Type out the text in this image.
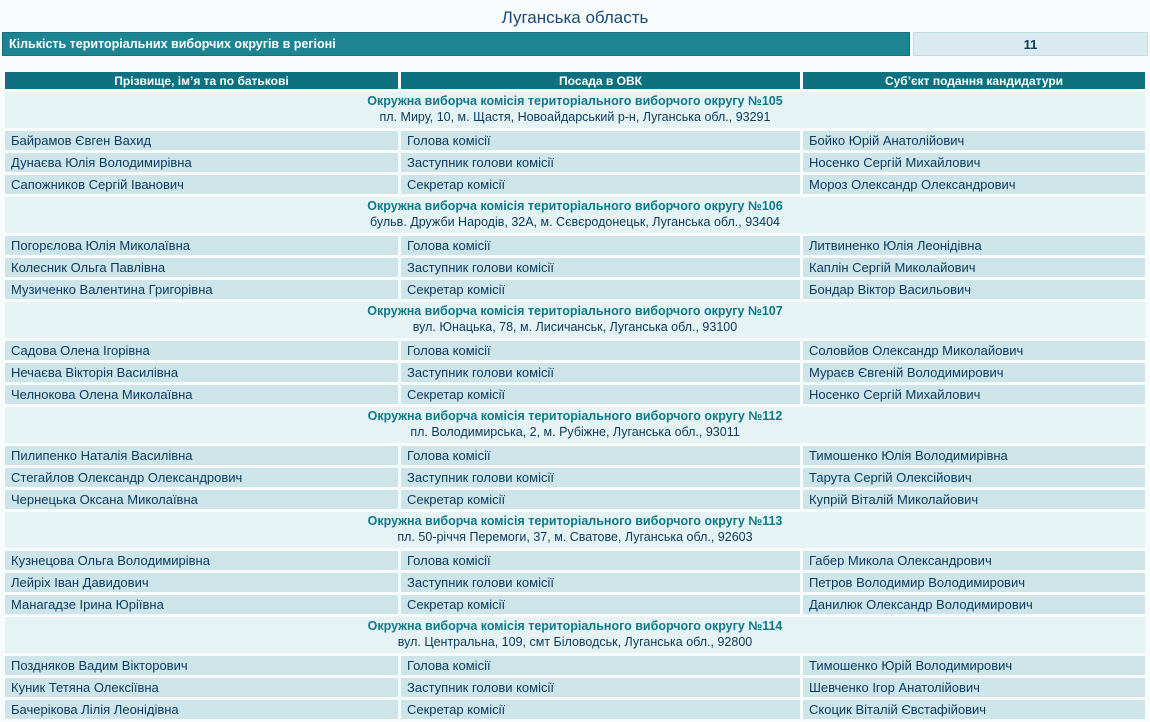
Луганська область
Кількість територіальних виборчих округів в регіоні	11
Прізвище, ім’я та по батькові	Посада в ОВК	Суб’єкт подання кандидатури

Окружна виборча комісія територіального виборчого округу №105
пл. Миру, 10, м. Щастя, Новоайдарський р-н, Луганська обл., 93291		

Байрамов Євген Вахид	Голова комісії	Бойко Юрій Анатолійович
Дунаєва Юлія Володимирівна	Заступник голови комісії	Носенко Сергій Михайлович
Сапожников Сергій Іванович	Секретар комісії	Мороз Олександр Олександрович

Окружна виборча комісія територіального виборчого округу №106
бульв. Дружби Народів, 32А, м. Сєвєродонецьк, Луганська обл., 93404		

Погорєлова Юлія Миколаївна	Голова комісії	Литвиненко Юлія Леонідівна
Колесник Ольга Павлівна	Заступник голови комісії	Каплін Сергій Миколайович
Музиченко Валентина Григорівна	Секретар комісії	Бондар Віктор Васильович

Окружна виборча комісія територіального виборчого округу №107
вул. Юнацька, 78, м. Лисичанськ, Луганська обл., 93100		

Садова Олена Ігорівна	Голова комісії	Соловйов Олександр Миколайович
Нечаєва Вікторія Василівна	Заступник голови комісії	Мураєв Євгеній Володимирович
Челнокова Олена Миколаївна	Секретар комісії	Носенко Сергій Михайлович

Окружна виборча комісія територіального виборчого округу №112
пл. Володимирська, 2, м. Рубіжне, Луганська обл., 93011		

Пилипенко Наталія Василівна	Голова комісії	Тимошенко Юлія Володимирівна
Стегайлов Олександр Олександрович	Заступник голови комісії	Тарута Сергій Олексійович
Чернецька Оксана Миколаївна	Секретар комісії	Купрій Віталій Миколайович

Окружна виборча комісія територіального виборчого округу №113
пл. 50-річчя Перемоги, 37, м. Сватове, Луганська обл., 92603		

Кузнецова Ольга Володимирівна	Голова комісії	Габер Микола Олександрович
Лейріх Іван Давидович	Заступник голови комісії	Петров Володимир Володимирович
Манагадзе Ірина Юріївна	Секретар комісії	Данилюк Олександр Володимирович

Окружна виборча комісія територіального виборчого округу №114
вул. Центральна, 109, смт Біловодськ, Луганська обл., 92800		

Поздняков Вадим Вікторович	Голова комісії	Тимошенко Юрій Володимирович
Куник Тетяна Олексіївна	Заступник голови комісії	Шевченко Ігор Анатолійович
Бачерікова Лілія Леонідівна	Секретар комісії	Скоцик Віталій Євстафійович
